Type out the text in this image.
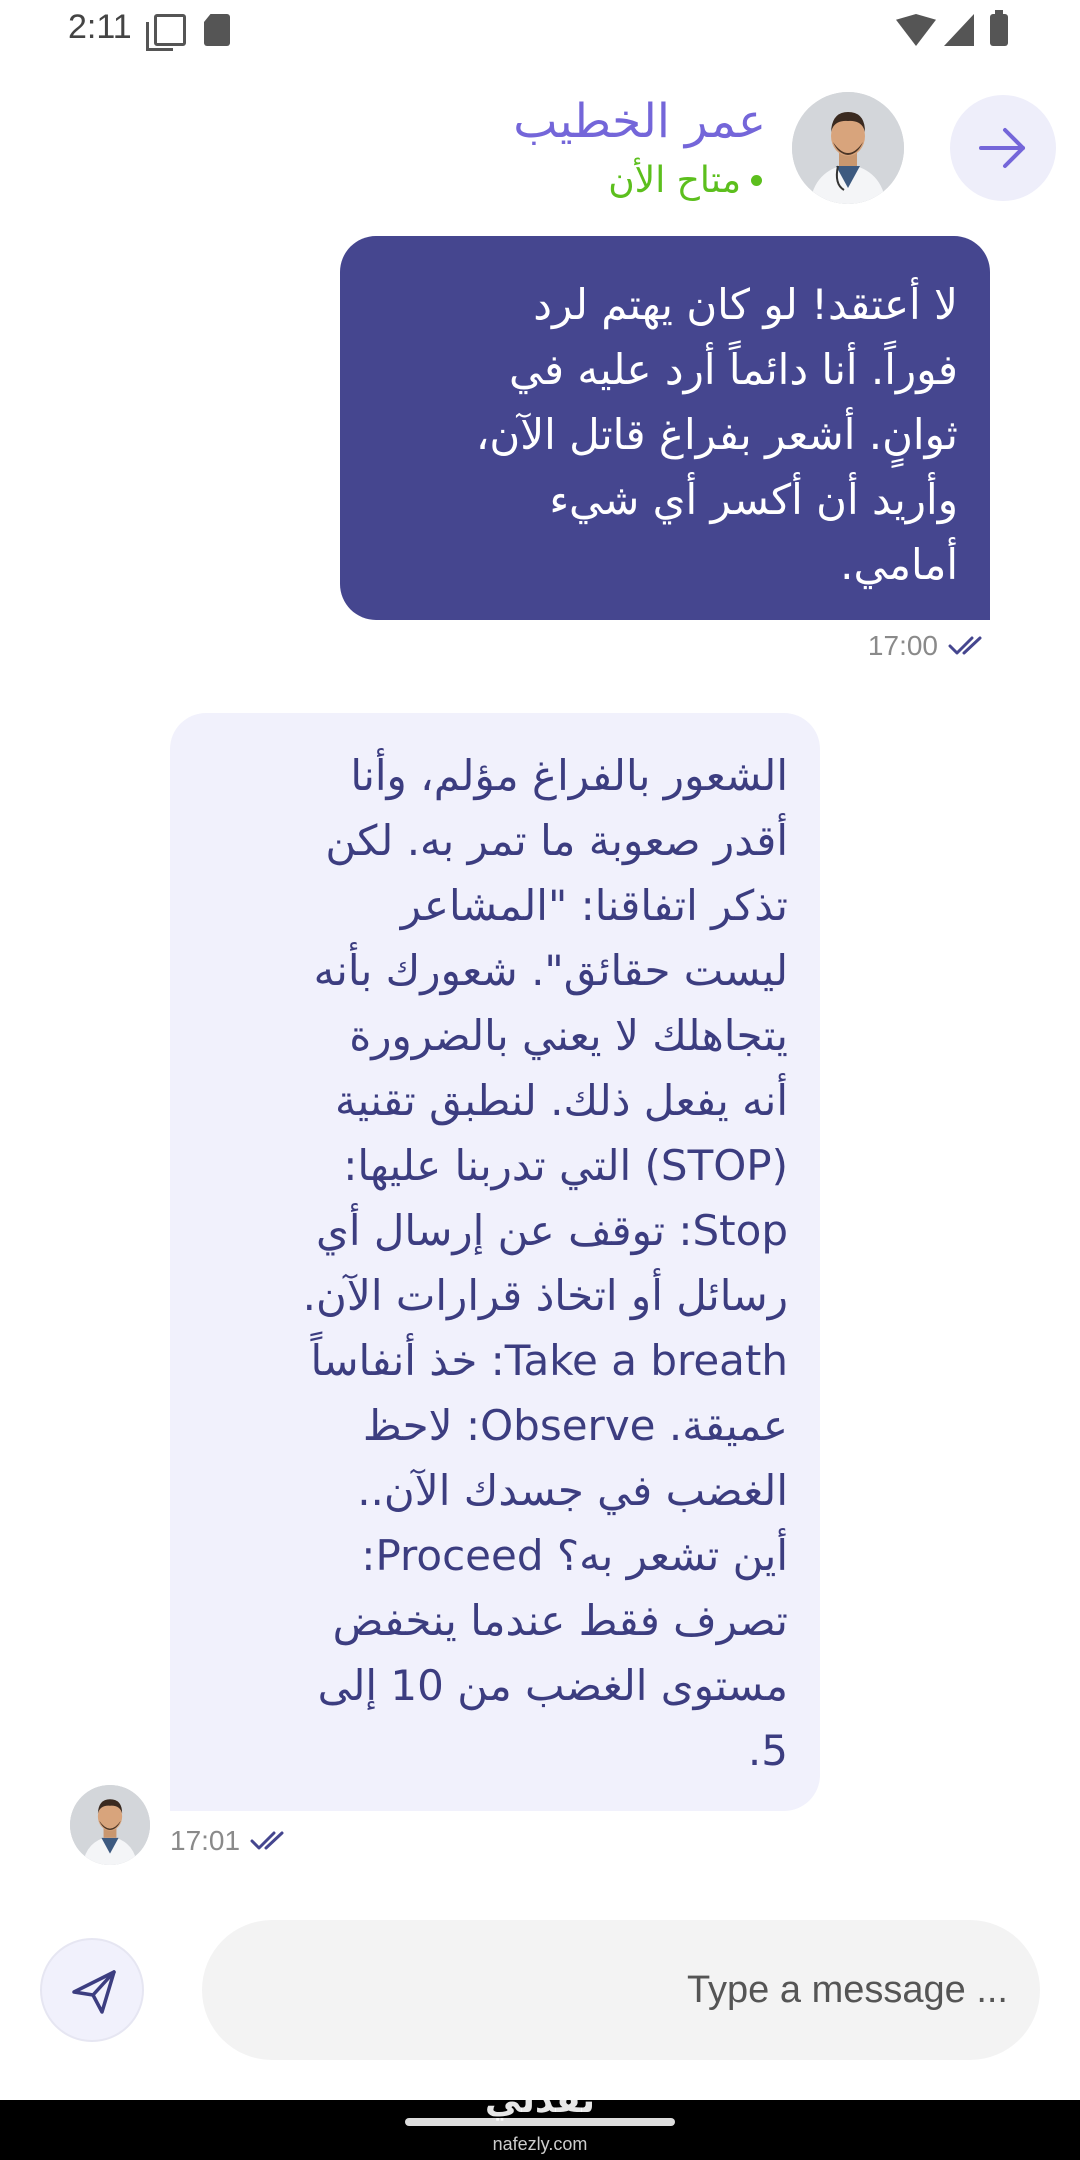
2:11
عمر الخطيب
متاح الأن
لا أعتقد! لو كان يهتم لرد
فوراً. أنا دائماً أرد عليه في
ثوانٍ. أشعر بفراغ قاتل الآن،
وأريد أن أكسر أي شيء
أمامي.
17:00
الشعور بالفراغ مؤلم، وأنا
أقدر صعوبة ما تمر به. لكن
تذكر اتفاقنا: "المشاعر
ليست حقائق". شعورك بأنه
يتجاهلك لا يعني بالضرورة
أنه يفعل ذلك. لنطبق تقنية
(STOP) التي تدربنا عليها:
Stop: توقف عن إرسال أي
رسائل أو اتخاذ قرارات الآن.
Take a breath: خذ أنفاساً
عميقة. Observe: لاحظ
الغضب في جسدك الآن..
أين تشعر به؟ Proceed:
تصرف فقط عندما ينخفض
مستوى الغضب من 10 إلى
5.
17:01
Type a message ...
نفذلي
nafezly.com
